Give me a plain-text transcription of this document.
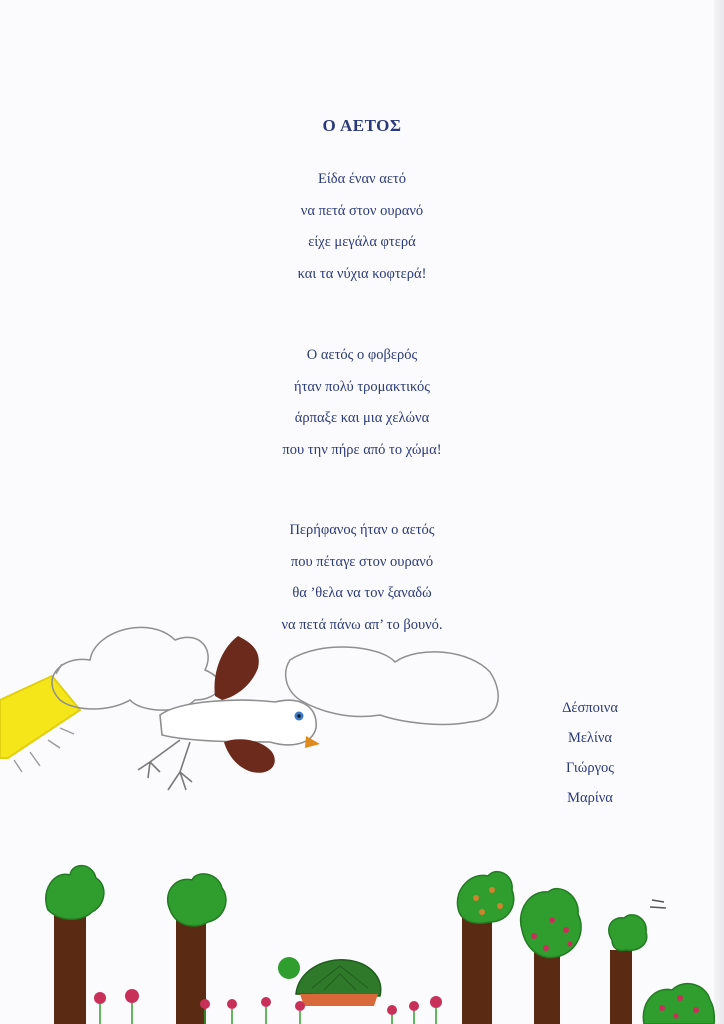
Ο ΑΕΤΟΣ
Είδα έναν αετό
να πετά στον ουρανό
είχε μεγάλα φτερά
και τα νύχια κοφτερά!
Ο αετός ο φοβερός
ήταν πολύ τρομακτικός
άρπαξε και μια χελώνα
που την πήρε από το χώμα!
Περήφανος ήταν ο αετός
που πέταγε στον ουρανό
θα ’θελα να τον ξαναδώ
να πετά πάνω απ’ το βουνό.
Δέσποινα
Μελίνα
Γιώργος
Μαρίνα
